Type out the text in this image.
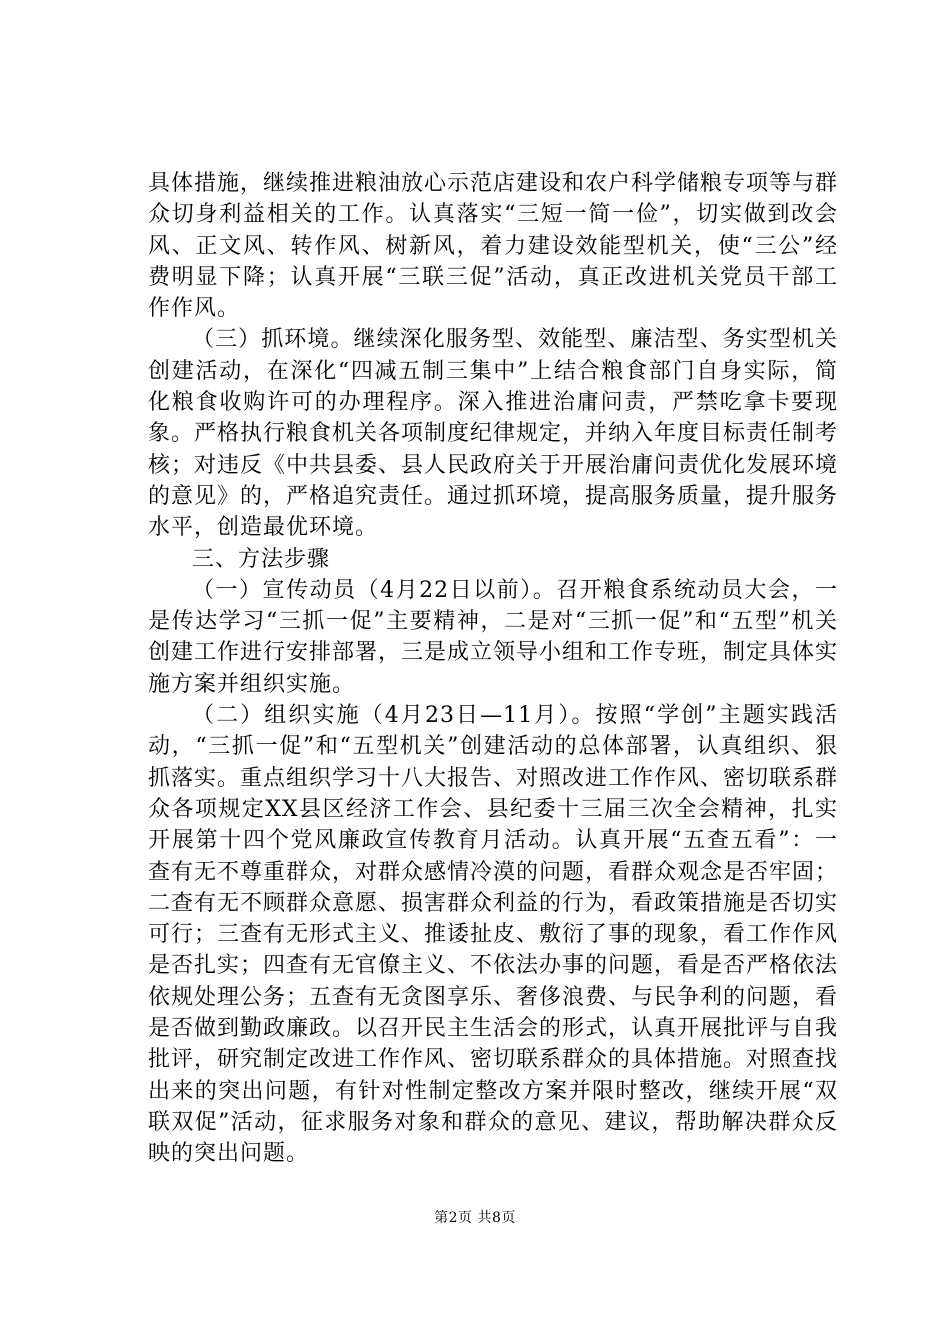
具体措施，继续推进粮油放心示范店建设和农户科学储粮专项等与群众切身利益相关的工作。认真落实“三短一简一俭”，切实做到改会风、正文风、转作风、树新风，着力建设效能型机关，使“三公”经费明显下降；认真开展“三联三促”活动，真正改进机关党员干部工作作风。

（三）抓环境。继续深化服务型、效能型、廉洁型、务实型机关创建活动，在深化“四减五制三集中”上结合粮食部门自身实际，简化粮食收购许可的办理程序。深入推进治庸问责，严禁吃拿卡要现象。严格执行粮食机关各项制度纪律规定，并纳入年度目标责任制考核；对违反《中共县委、县人民政府关于开展治庸问责优化发展环境的意见》的，严格追究责任。通过抓环境，提高服务质量，提升服务水平，创造最优环境。

三、方法步骤

（一）宣传动员（4月22日以前）。召开粮食系统动员大会，一是传达学习“三抓一促”主要精神，二是对“三抓一促”和“五型”机关创建工作进行安排部署，三是成立领导小组和工作专班，制定具体实施方案并组织实施。

（二）组织实施（4月23日—11月）。按照“学创”主题实践活动，“三抓一促”和“五型机关”创建活动的总体部署，认真组织、狠抓落实。重点组织学习十八大报告、对照改进工作作风、密切联系群众各项规定XX县区经济工作会、县纪委十三届三次全会精神，扎实开展第十四个党风廉政宣传教育月活动。认真开展“五查五看”：一查有无不尊重群众，对群众感情冷漠的问题，看群众观念是否牢固；二查有无不顾群众意愿、损害群众利益的行为，看政策措施是否切实可行；三查有无形式主义、推诿扯皮、敷衍了事的现象，看工作作风是否扎实；四查有无官僚主义、不依法办事的问题，看是否严格依法依规处理公务；五查有无贪图享乐、奢侈浪费、与民争利的问题，看是否做到勤政廉政。以召开民主生活会的形式，认真开展批评与自我批评，研究制定改进工作作风、密切联系群众的具体措施。对照查找出来的突出问题，有针对性制定整改方案并限时整改，继续开展“双联双促”活动，征求服务对象和群众的意见、建议，帮助解决群众反映的突出问题。

第2页 共8页
